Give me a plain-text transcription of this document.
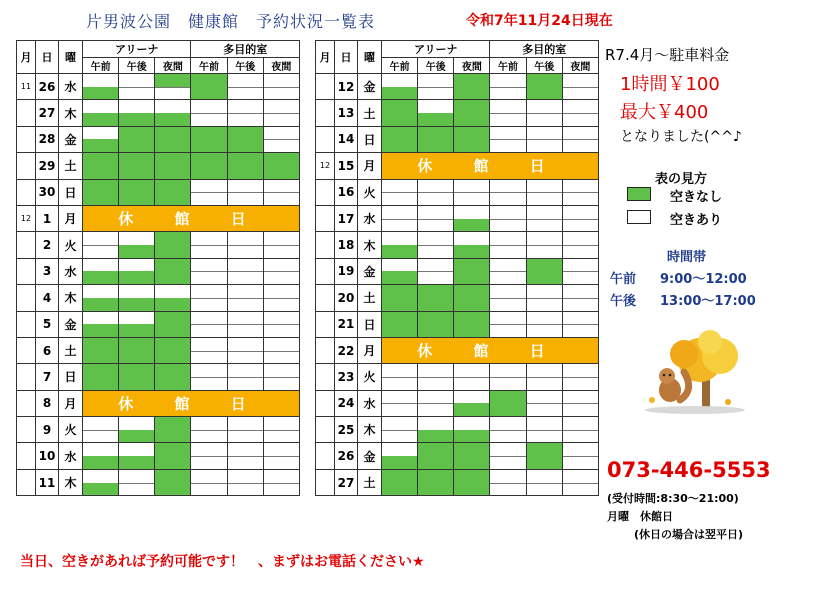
片男波公園　健康館　予約状況一覧表	令和7年11月24日現在
月	日	曜	アリーナ			多目的室		
			午前	午後	夜間	午前	午後	夜間
11	26	水	

	27	木	

	28	金	

	29	土	

	30	日	

12	1	月	休 館 日					
	2	火	

	3	水	

	4	木	

	5	金	

	6	土	

	7	日	

	8	月	休 館 日					
	9	火	

	10	水	

	11	木	

月	日	曜	アリーナ			多目的室		
			午前	午後	夜間	午前	午後	夜間
	12	金	

	13	土	

	14	日	

12	15	月	休 館 日					
	16	火	

	17	水	

	18	木	

	19	金	

	20	土	

	21	日	

	22	月	休 館 日					
	23	火	

	24	水	

	25	木	

	26	金	

	27	土	

R7.4月〜駐車料金
1時間￥100
最大￥400
となりました(^^♪
表の見方
空きなし
空きあり
時間帯
午前 9:00〜12:00
午後 13:00〜17:00
073-446-5553
(受付時間:8:30〜21:00)
月曜　休館日
(休日の場合は翌平日)
当日、空きがあれば予約可能です！　、まずはお電話ください★
